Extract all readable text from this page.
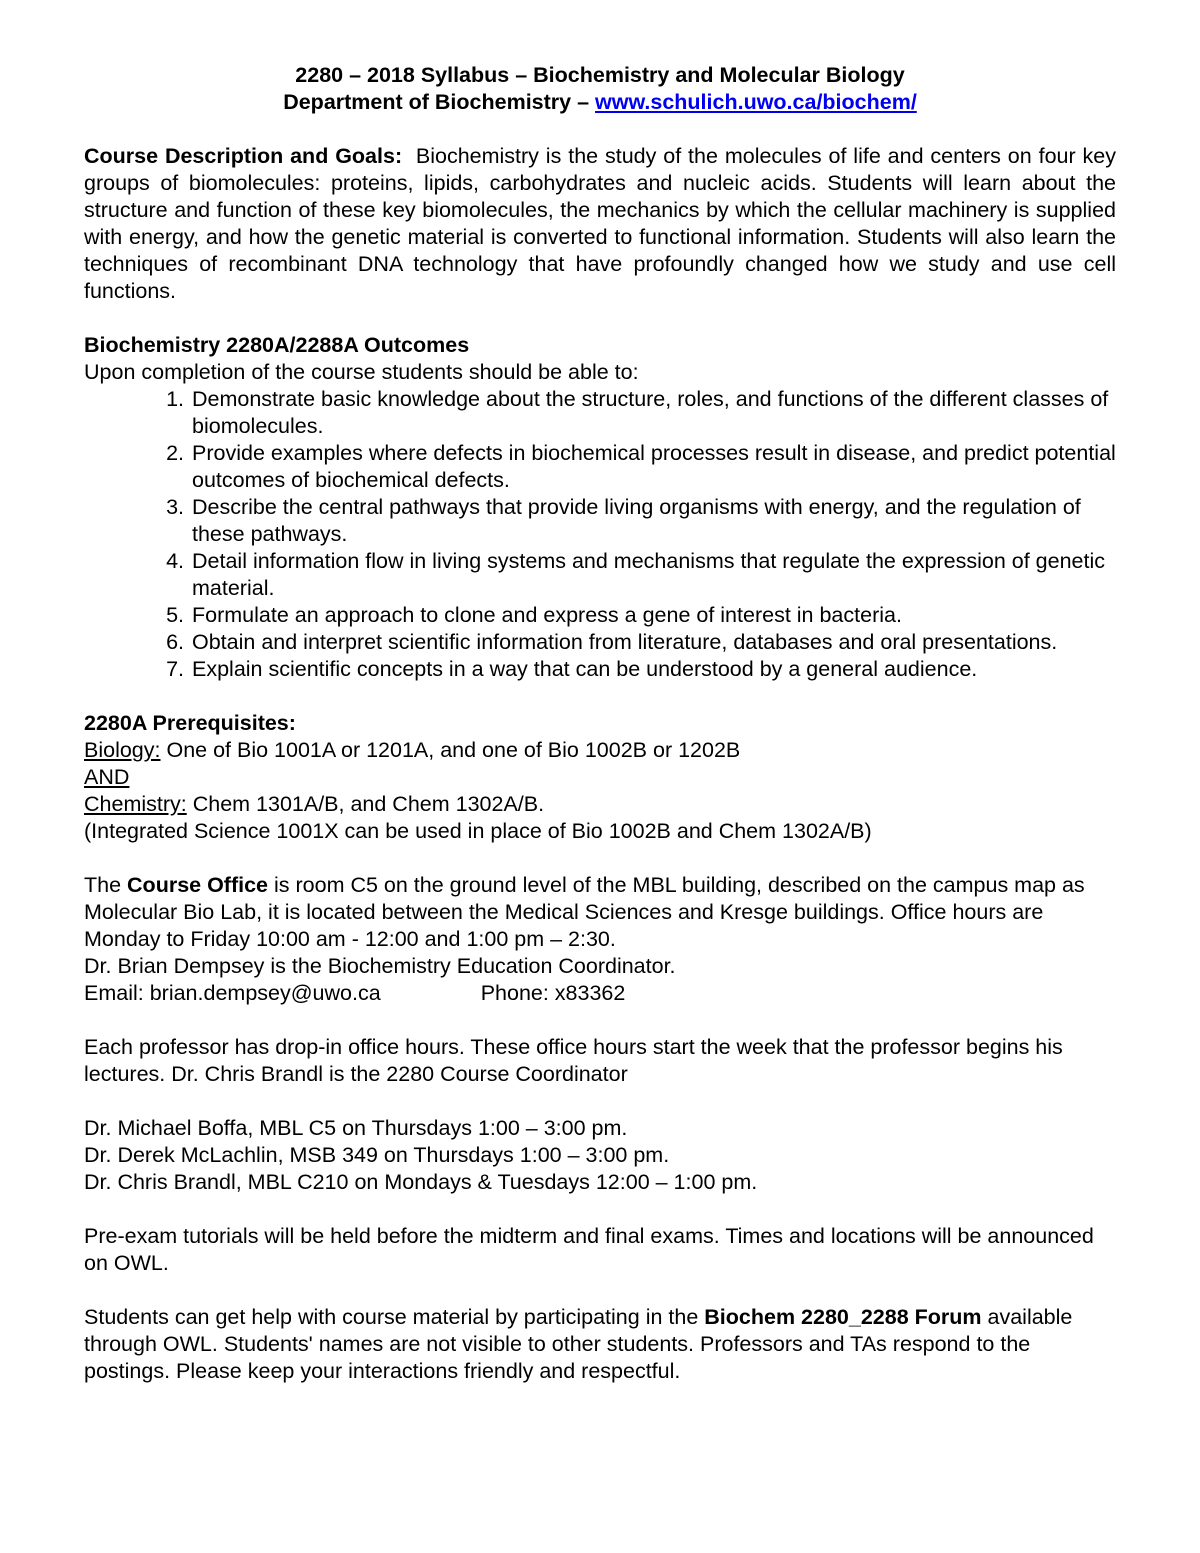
2280 – 2018 Syllabus – Biochemistry and Molecular Biology
Department of Biochemistry – www.schulich.uwo.ca/biochem/

Course Description and Goals: Biochemistry is the study of the molecules of life and centers on four key groups of biomolecules: proteins, lipids, carbohydrates and nucleic acids. Students will learn about the structure and function of these key biomolecules, the mechanics by which the cellular machinery is supplied with energy, and how the genetic material is converted to functional information. Students will also learn the techniques of recombinant DNA technology that have profoundly changed how we study and use cell functions.

Biochemistry 2280A/2288A Outcomes

Upon completion of the course students should be able to:

1. Demonstrate basic knowledge about the structure, roles, and functions of the different classes of biomolecules.
2. Provide examples where defects in biochemical processes result in disease, and predict potential outcomes of biochemical defects.
3. Describe the central pathways that provide living organisms with energy, and the regulation of these pathways.
4. Detail information flow in living systems and mechanisms that regulate the expression of genetic material.
5. Formulate an approach to clone and express a gene of interest in bacteria.
6. Obtain and interpret scientific information from literature, databases and oral presentations.
7. Explain scientific concepts in a way that can be understood by a general audience.

2280A Prerequisites:

Biology: One of Bio 1001A or 1201A, and one of Bio 1002B or 1202B

AND

Chemistry: Chem 1301A/B, and Chem 1302A/B.

(Integrated Science 1001X can be used in place of Bio 1002B and Chem 1302A/B)

The Course Office is room C5 on the ground level of the MBL building, described on the campus map as Molecular Bio Lab, it is located between the Medical Sciences and Kresge buildings. Office hours are Monday to Friday 10:00 am - 12:00 and 1:00 pm – 2:30.

Dr. Brian Dempsey is the Biochemistry Education Coordinator.

Email: brian.dempsey@uwo.ca	Phone: x83362

Each professor has drop-in office hours. These office hours start the week that the professor begins his lectures. Dr. Chris Brandl is the 2280 Course Coordinator

Dr. Michael Boffa, MBL C5 on Thursdays 1:00 – 3:00 pm.

Dr. Derek McLachlin, MSB 349 on Thursdays 1:00 – 3:00 pm.

Dr. Chris Brandl, MBL C210 on Mondays & Tuesdays 12:00 – 1:00 pm.

Pre-exam tutorials will be held before the midterm and final exams. Times and locations will be announced on OWL.

Students can get help with course material by participating in the Biochem 2280_2288 Forum available through OWL. Students' names are not visible to other students. Professors and TAs respond to the postings. Please keep your interactions friendly and respectful.
